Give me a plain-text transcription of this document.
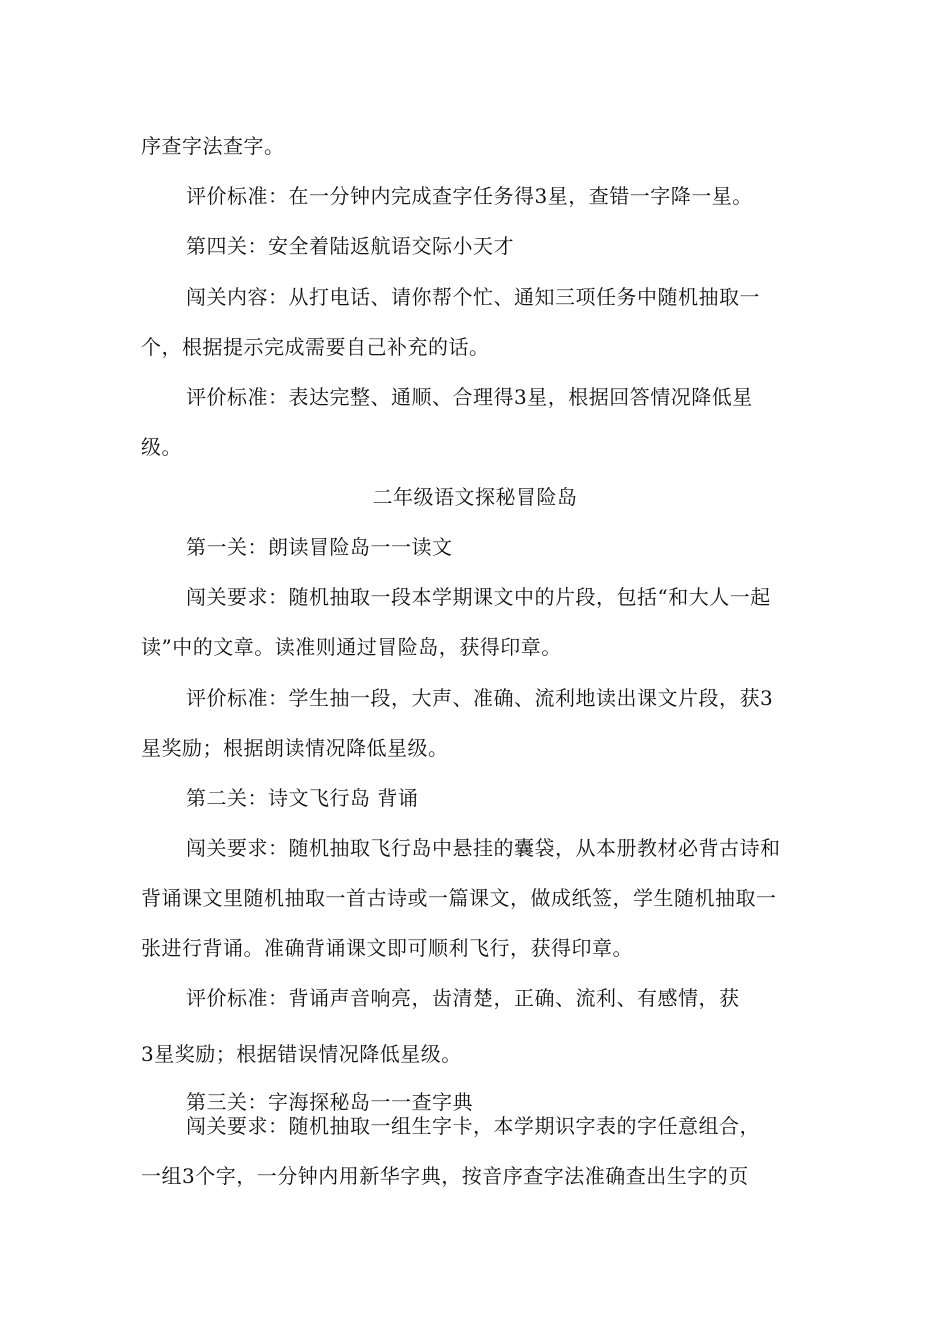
序查字法查字。
评价标准：在一分钟内完成查字任务得3星，查错一字降一星。
第四关：安全着陆返航语交际小天才
闯关内容：从打电话、请你帮个忙、通知三项任务中随机抽取一
个，根据提示完成需要自己补充的话。
评价标准：表达完整、通顺、合理得3星，根据回答情况降低星
级。
二年级语文探秘冒险岛
第一关：朗读冒险岛一一读文
闯关要求：随机抽取一段本学期课文中的片段，包括“和大人一起
读”中的文章。读准则通过冒险岛，获得印章。
评价标准：学生抽一段，大声、准确、流利地读出课文片段，获3
星奖励；根据朗读情况降低星级。
第二关：诗文飞行岛 背诵
闯关要求：随机抽取飞行岛中悬挂的囊袋，从本册教材必背古诗和
背诵课文里随机抽取一首古诗或一篇课文，做成纸签，学生随机抽取一
张进行背诵。准确背诵课文即可顺利飞行，获得印章。
评价标准：背诵声音响亮，齿清楚，正确、流利、有感情，获
3星奖励；根据错误情况降低星级。
第三关：字海探秘岛一一查字典
闯关要求：随机抽取一组生字卡，本学期识字表的字任意组合，
一组3个字，一分钟内用新华字典，按音序查字法准确查出生字的页
